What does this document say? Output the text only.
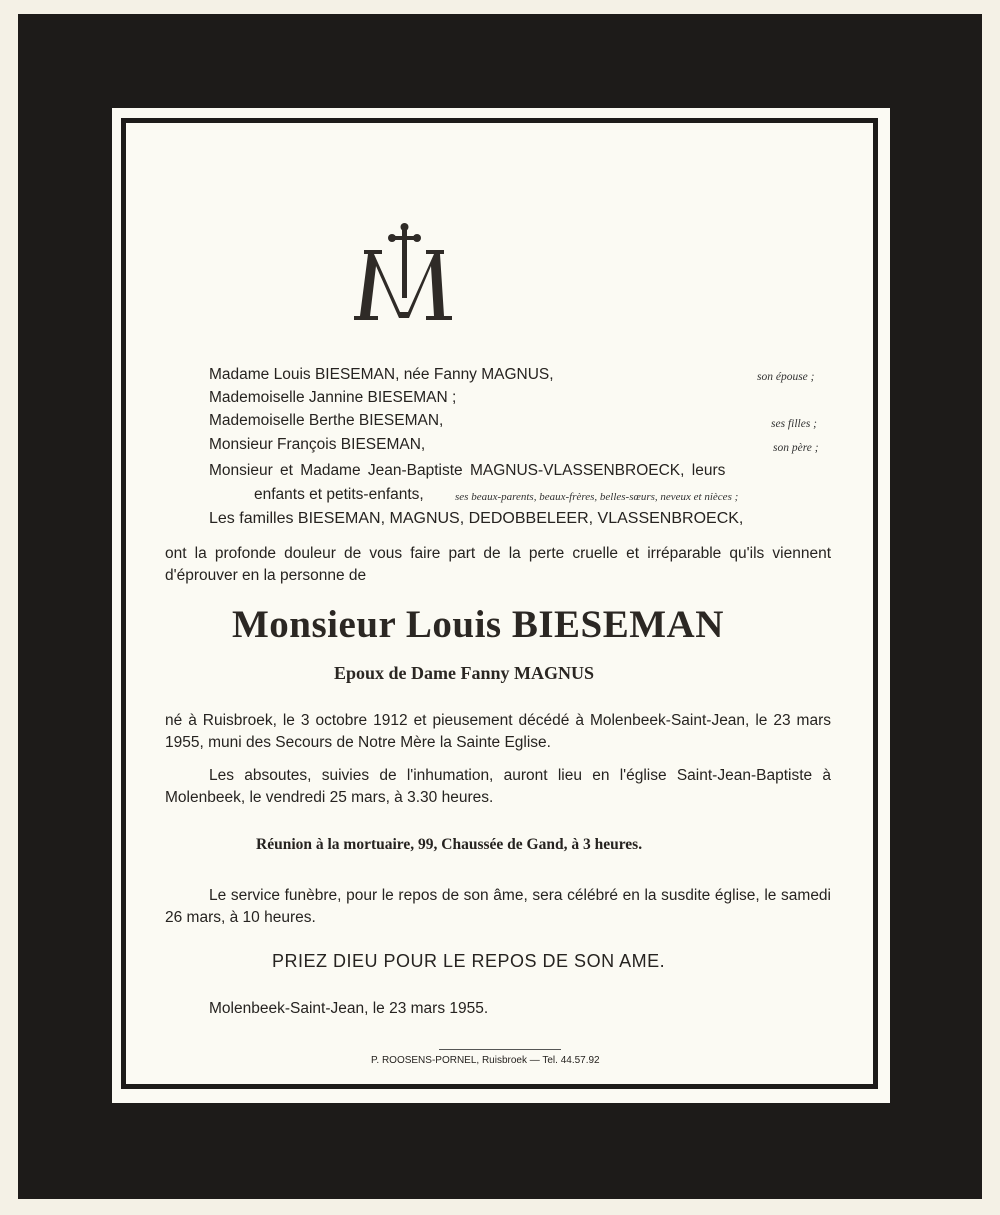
Madame Louis BIESEMAN, née Fanny MAGNUS,	son épouse ;
Mademoiselle Jannine BIESEMAN ;
Mademoiselle Berthe BIESEMAN,	ses filles ;
Monsieur François BIESEMAN,	son père ;
Monsieur et Madame Jean-Baptiste MAGNUS-VLASSENBROECK, leurs
enfants et petits-enfants,	ses beaux-parents, beaux-frères, belles-sœurs, neveux et nièces ;
Les familles BIESEMAN, MAGNUS, DEDOBBELEER, VLASSENBROECK,
ont la profonde douleur de vous faire part de la perte cruelle et irréparable qu'ils viennent d'éprouver en la personne de
Monsieur Louis BIESEMAN
Epoux de Dame Fanny MAGNUS
né à Ruisbroek, le 3 octobre 1912 et pieusement décédé à Molenbeek-Saint-Jean, le 23 mars 1955, muni des Secours de Notre Mère la Sainte Eglise.
Les absoutes, suivies de l'inhumation, auront lieu en l'église Saint-Jean-Baptiste à Molenbeek, le vendredi 25 mars, à 3.30 heures.
Réunion à la mortuaire, 99, Chaussée de Gand, à 3 heures.
Le service funèbre, pour le repos de son âme, sera célébré en la susdite église, le samedi 26 mars, à 10 heures.
PRIEZ DIEU POUR LE REPOS DE SON AME.
Molenbeek-Saint-Jean, le 23 mars 1955.
P. ROOSENS-PORNEL, Ruisbroek — Tel. 44.57.92
